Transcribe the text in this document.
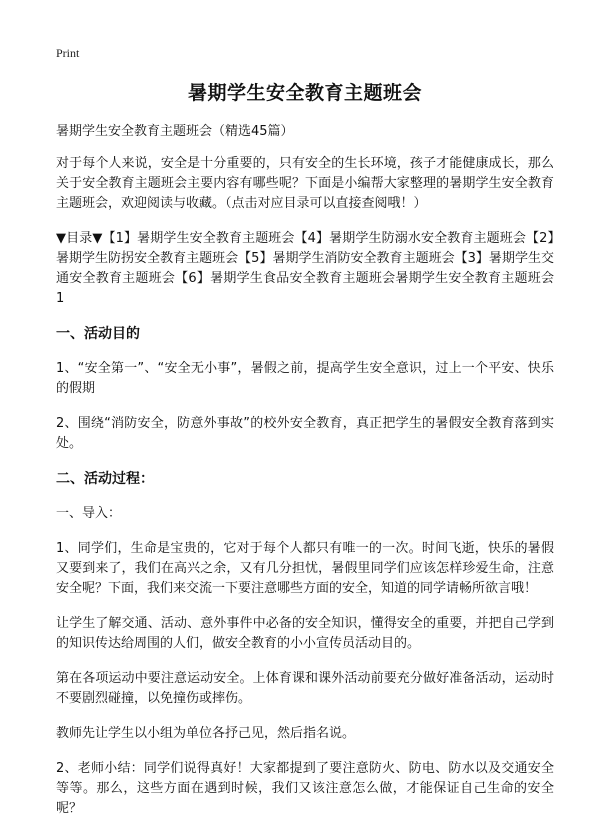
Print
暑期学生安全教育主题班会

暑期学生安全教育主题班会（精选45篇）

对于每个人来说，安全是十分重要的，只有安全的生长环境，孩子才能健康成长，那么关于安全教育主题班会主要内容有哪些呢？下面是小编帮大家整理的暑期学生安全教育主题班会，欢迎阅读与收藏。（点击对应目录可以直接查阅哦！）

▼目录▼【1】暑期学生安全教育主题班会【4】暑期学生防溺水安全教育主题班会【2】暑期学生防拐安全教育主题班会【5】暑期学生消防安全教育主题班会【3】暑期学生交通安全教育主题班会【6】暑期学生食品安全教育主题班会暑期学生安全教育主题班会 1

一、活动目的

1、“安全第一”、“安全无小事”，暑假之前，提高学生安全意识，过上一个平安、快乐的假期

2、围绕“消防安全，防意外事故”的校外安全教育，真正把学生的暑假安全教育落到实处。

二、活动过程：

一、导入：

1、同学们，生命是宝贵的，它对于每个人都只有唯一的一次。时间飞逝，快乐的暑假又要到来了，我们在高兴之余，又有几分担忧，暑假里同学们应该怎样珍爱生命，注意安全呢？下面，我们来交流一下要注意哪些方面的安全，知道的同学请畅所欲言哦！

让学生了解交通、活动、意外事件中必备的安全知识，懂得安全的重要，并把自己学到的知识传达给周围的人们，做安全教育的小小宣传员活动目的。

第在各项运动中要注意运动安全。上体育课和课外活动前要充分做好准备活动，运动时不要剧烈碰撞，以免撞伤或摔伤。

教师先让学生以小组为单位各抒己见，然后指名说。

2、老师小结：同学们说得真好！大家都提到了要注意防火、防电、防水以及交通安全等等。那么，这些方面在遇到时候，我们又该注意怎么做，才能保证自己生命的安全呢？
